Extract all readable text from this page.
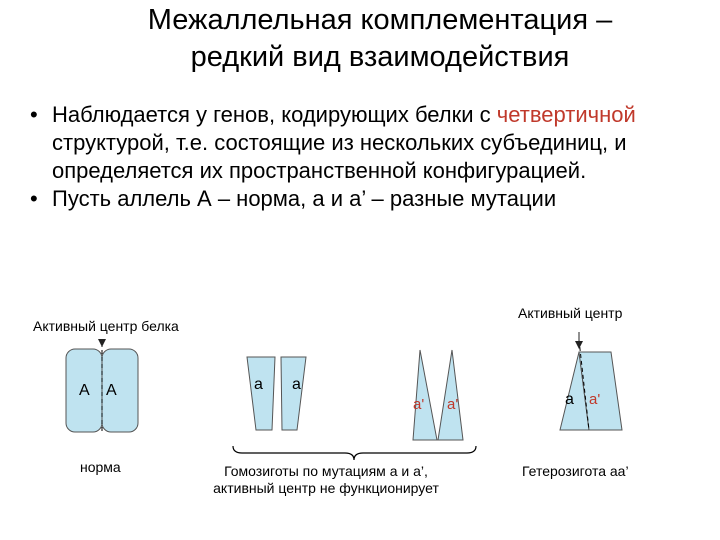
Межаллельная комплементация –
редкий вид взаимодействия
• Наблюдается у генов, кодирующих белки с четвертичной структурой, т.е. состоящие из нескольких субъединиц, и определяется их пространственной конфигурацией.
• Пусть аллель А – норма, а и а’ – разные мутации
Активный центр белка
Активный центр
А А
норма
а а
а' а'
Гомозиготы по мутациям а и а’,
активный центр не функционирует
а а'
Гетерозигота аа’
